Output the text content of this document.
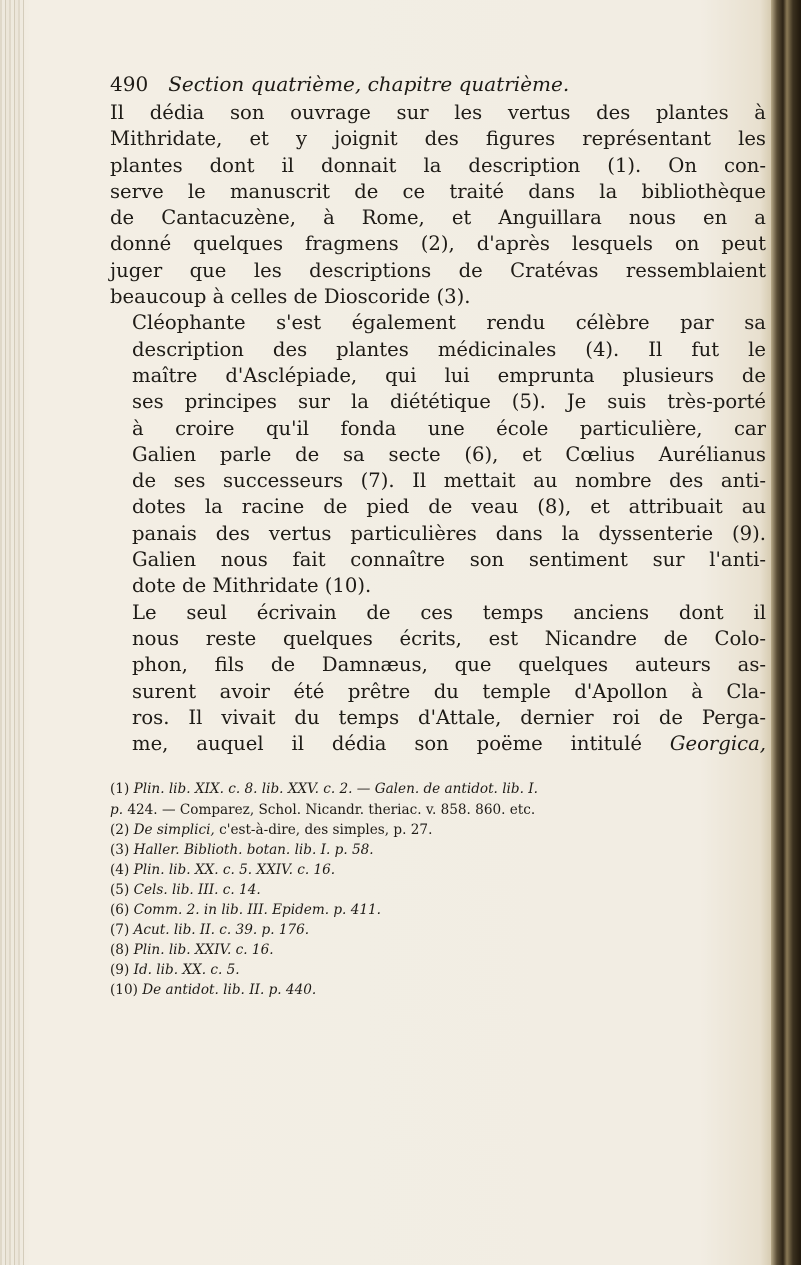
490 Section quatrième, chapitre quatrième.

Il dédia son ouvrage sur les vertus des plantes à
Mithridate, et y joignit des figures représentant les
plantes dont il donnait la description (1). On con-
serve le manuscrit de ce traité dans la bibliothèque
de Cantacuzène, à Rome, et Anguillara nous en a
donné quelques fragmens (2), d'après lesquels on peut
juger que les descriptions de Cratévas ressemblaient
beaucoup à celles de Dioscoride (3).

Cléophante s'est également rendu célèbre par sa
description des plantes médicinales (4). Il fut le
maître d'Asclépiade, qui lui emprunta plusieurs de
ses principes sur la diététique (5). Je suis très-porté
à croire qu'il fonda une école particulière, car
Galien parle de sa secte (6), et Cœlius Aurélianus
de ses successeurs (7). Il mettait au nombre des anti-
dotes la racine de pied de veau (8), et attribuait au
panais des vertus particulières dans la dyssenterie (9).
Galien nous fait connaître son sentiment sur l'anti-
dote de Mithridate (10).

Le seul écrivain de ces temps anciens dont il
nous reste quelques écrits, est Nicandre de Colo-
phon, fils de Damnæus, que quelques auteurs as-
surent avoir été prêtre du temple d'Apollon à Cla-
ros. Il vivait du temps d'Attale, dernier roi de Perga-
me, auquel il dédia son poëme intitulé Georgica,

(1) Plin. lib. XIX. c. 8. lib. XXV. c. 2. — Galen. de antidot. lib. I.
p. 424. — Comparez, Schol. Nicandr. theriac. v. 858. 860. etc.
(2) De simplici, c'est-à-dire, des simples, p. 27.
(3) Haller. Biblioth. botan. lib. I. p. 58.
(4) Plin. lib. XX. c. 5. XXIV. c. 16.
(5) Cels. lib. III. c. 14.
(6) Comm. 2. in lib. III. Epidem. p. 411.
(7) Acut. lib. II. c. 39. p. 176.
(8) Plin. lib. XXIV. c. 16.
(9) Id. lib. XX. c. 5.
(10) De antidot. lib. II. p. 440.
